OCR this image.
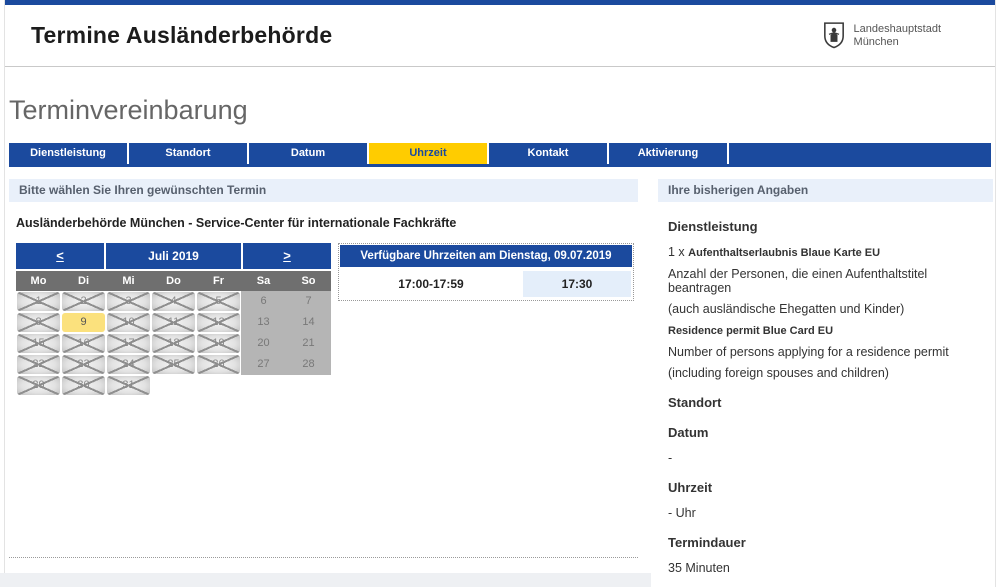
Termine Ausländerbehörde	Landeshauptstadt
München
Terminvereinbarung
Dienstleistung	Standort	Datum	Uhrzeit	Kontakt	Aktivierung
Bitte wählen Sie Ihren gewünschten Termin
Ausländerbehörde München - Service-Center für internationale Fachkräfte
<	Juli 2019	>
Mo	Di	Mi	Do	Fr	Sa	So
1	2	3	4	5	6	7
8	9	10	11	12	13	14
15	16	17	18	19	20	21
22	23	24	25	26	27	28
29	30	31
Verfügbare Uhrzeiten am Dienstag, 09.07.2019
17:00-17:59	17:30
Ihre bisherigen Angaben
Dienstleistung
1 x Aufenthaltserlaubnis Blaue Karte EU
Anzahl der Personen, die einen Aufenthaltstitel beantragen
(auch ausländische Ehegatten und Kinder)
Residence permit Blue Card EU
Number of persons applying for a residence permit
(including foreign spouses and children)
Standort
Datum
-
Uhrzeit
- Uhr
Termindauer
35 Minuten
